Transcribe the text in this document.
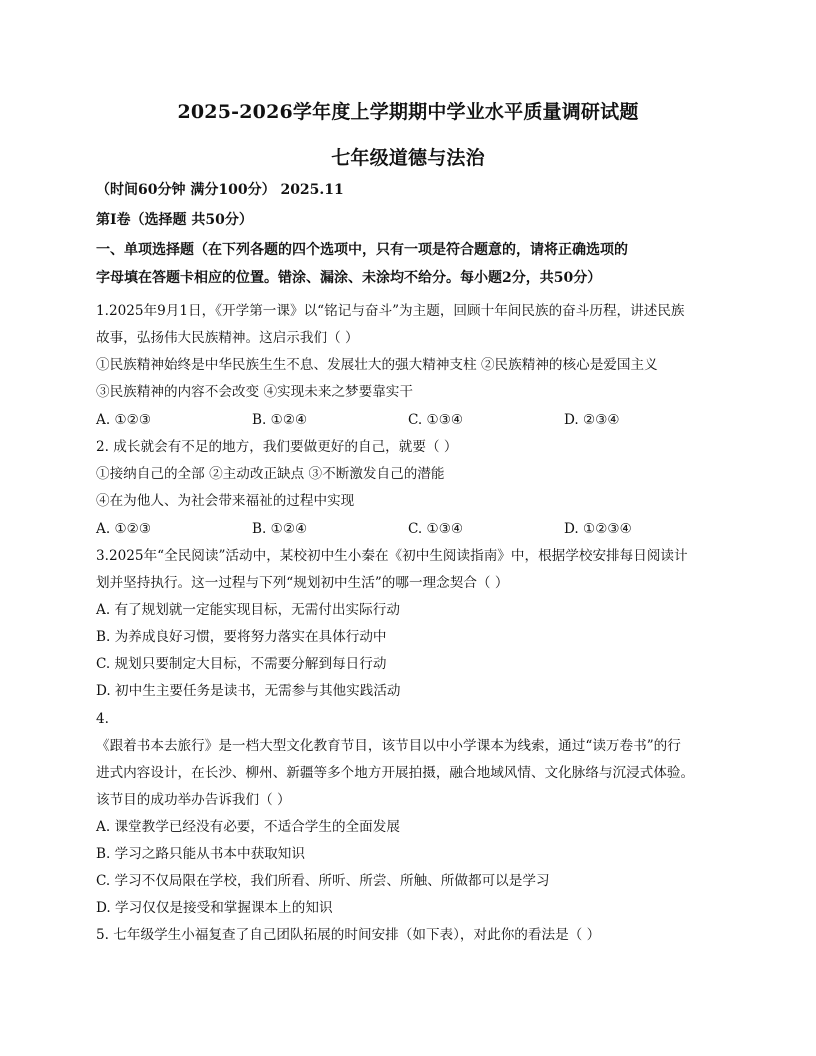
2025-2026学年度上学期期中学业水平质量调研试题
七年级道德与法治
（时间60分钟 满分100分） 2025.11
第Ⅰ卷（选择题 共50分）
一、单项选择题（在下列各题的四个选项中，只有一项是符合题意的，请将正确选项的
字母填在答题卡相应的位置。错涂、漏涂、未涂均不给分。每小题2分，共50分）
1.2025年9月1日，《开学第一课》以“铭记与奋斗”为主题，回顾十年间民族的奋斗历程，讲述民族
故事，弘扬伟大民族精神。这启示我们（ ）
①民族精神始终是中华民族生生不息、发展壮大的强大精神支柱 ②民族精神的核心是爱国主义
③民族精神的内容不会改变 ④实现未来之梦要靠实干
A. ①②③	B. ①②④	C. ①③④	D. ②③④
2. 成长就会有不足的地方，我们要做更好的自己，就要（ ）
①接纳自己的全部 ②主动改正缺点 ③不断激发自己的潜能
④在为他人、为社会带来福祉的过程中实现
A. ①②③	B. ①②④	C. ①③④	D. ①②③④
3.2025年“全民阅读”活动中，某校初中生小秦在《初中生阅读指南》中，根据学校安排每日阅读计
划并坚持执行。这一过程与下列“规划初中生活”的哪一理念契合（ ）
A. 有了规划就一定能实现目标，无需付出实际行动
B. 为养成良好习惯，要将努力落实在具体行动中
C. 规划只要制定大目标，不需要分解到每日行动
D. 初中生主要任务是读书，无需参与其他实践活动
4.
《跟着书本去旅行》是一档大型文化教育节目，该节目以中小学课本为线索，通过“读万卷书”的行
进式内容设计，在长沙、柳州、新疆等多个地方开展拍摄，融合地域风情、文化脉络与沉浸式体验。
该节目的成功举办告诉我们（ ）
A. 课堂教学已经没有必要，不适合学生的全面发展
B. 学习之路只能从书本中获取知识
C. 学习不仅局限在学校，我们所看、所听、所尝、所触、所做都可以是学习
D. 学习仅仅是接受和掌握课本上的知识
5. 七年级学生小福复查了自己团队拓展的时间安排（如下表），对此你的看法是（ ）
